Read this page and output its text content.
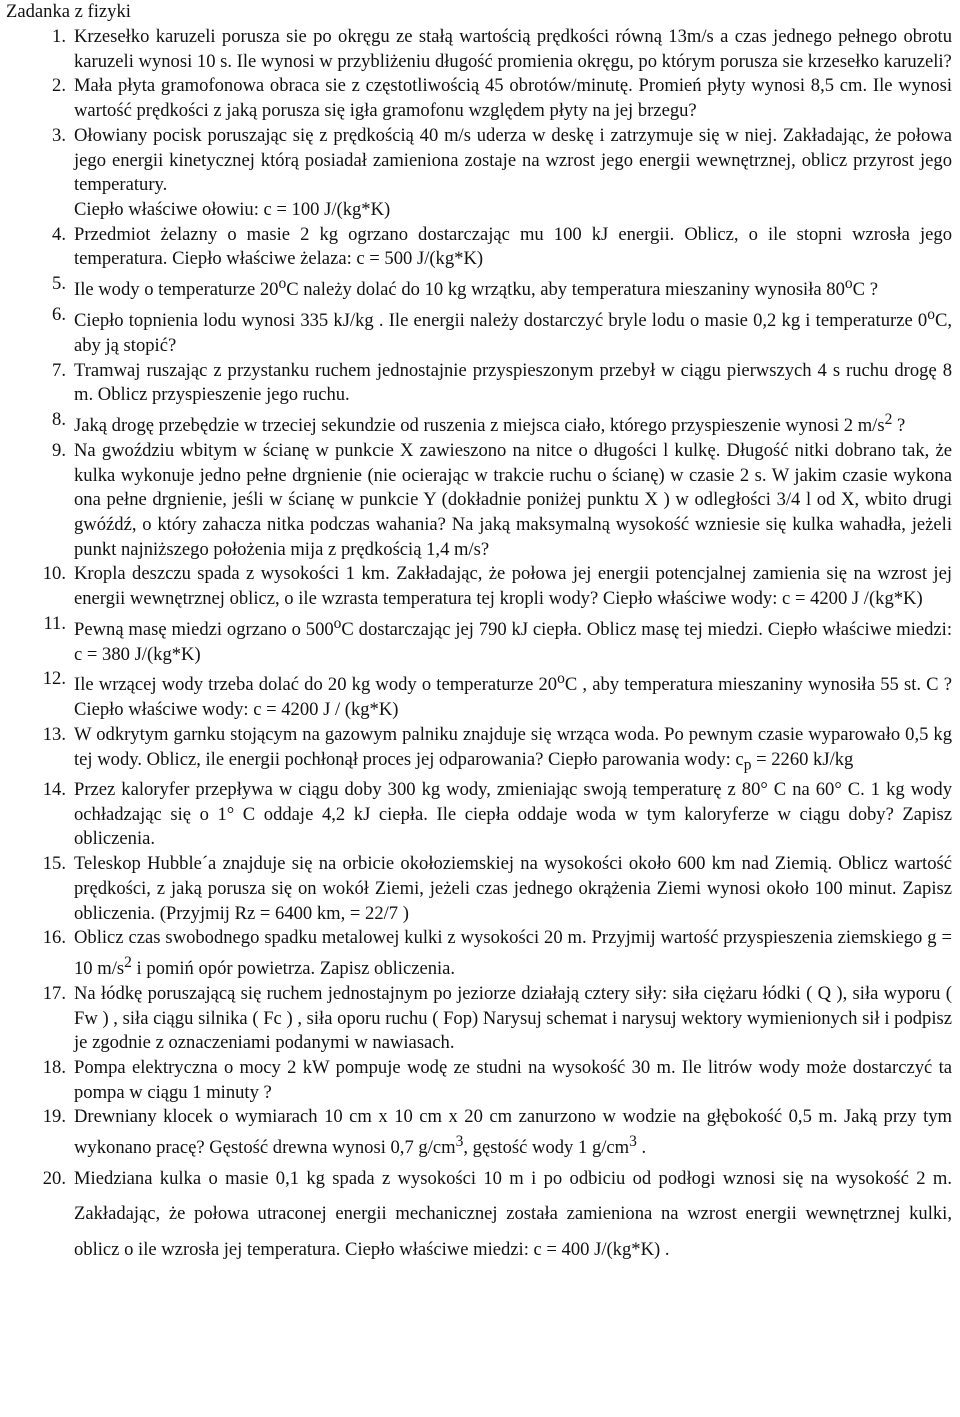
Zadanka z fizyki
1. Krzesełko karuzeli porusza sie po okręgu ze stałą wartością prędkości równą 13m/s a czas jednego pełnego obrotu karuzeli wynosi 10 s. Ile wynosi w przybliżeniu długość promienia okręgu, po którym porusza sie krzesełko karuzeli?
2. Mała płyta gramofonowa obraca sie z częstotliwością 45 obrotów/minutę. Promień płyty wynosi 8,5 cm. Ile wynosi wartość prędkości z jaką porusza się igła gramofonu względem płyty na jej brzegu?
3. Ołowiany pocisk poruszając się z prędkością 40 m/s uderza w deskę i zatrzymuje się w niej. Zakładając, że połowa jego energii kinetycznej którą posiadał zamieniona zostaje na wzrost jego energii wewnętrznej, oblicz przyrost jego temperatury.
Ciepło właściwe ołowiu: c = 100 J/(kg*K)
4. Przedmiot żelazny o masie 2 kg ogrzano dostarczając mu 100 kJ energii. Oblicz, o ile stopni wzrosła jego temperatura. Ciepło właściwe żelaza: c = 500 J/(kg*K)
5. Ile wody o temperaturze 20$^o$C należy dolać do 10 kg wrzątku, aby temperatura mieszaniny wynosiła 80$^o$C ?
6. Ciepło topnienia lodu wynosi 335 kJ/kg . Ile energii należy dostarczyć bryle lodu o masie 0,2 kg i temperaturze 0$^o$C, aby ją stopić?
7. Tramwaj ruszając z przystanku ruchem jednostajnie przyspieszonym przebył w ciągu pierwszych 4 s ruchu drogę 8 m. Oblicz przyspieszenie jego ruchu.
8. Jaką drogę przebędzie w trzeciej sekundzie od ruszenia z miejsca ciało, którego przyspieszenie wynosi 2 $m/s^2$ ?
9. Na gwoździu wbitym w ścianę w punkcie X zawieszono na nitce o długości l kulkę. Długość nitki dobrano tak, że kulka wykonuje jedno pełne drgnienie (nie ocierając w trakcie ruchu o ścianę) w czasie 2 s. W jakim czasie wykona ona pełne drgnienie, jeśli w ścianę w punkcie Y (dokładnie poniżej punktu X ) w odległości 3/4 l od X, wbito drugi gwóźdź, o który zahacza nitka podczas wahania? Na jaką maksymalną wysokość wzniesie się kulka wahadła, jeżeli punkt najniższego położenia mija z prędkością 1,4 m/s?
10. Kropla deszczu spada z wysokości 1 km. Zakładając, że połowa jej energii potencjalnej zamienia się na wzrost jej energii wewnętrznej oblicz, o ile wzrasta temperatura tej kropli wody? Ciepło właściwe wody: c = 4200 J /(kg*K)
11. Pewną masę miedzi ogrzano o 500$^o$C dostarczając jej 790 kJ ciepła. Oblicz masę tej miedzi. Ciepło właściwe miedzi: c = 380 J/(kg*K)
12. Ile wrzącej wody trzeba dolać do 20 kg wody o temperaturze 20$^o$C , aby temperatura mieszaniny wynosiła 55 st. C ? Ciepło właściwe wody: c = 4200 J / (kg*K)
13. W odkrytym garnku stojącym na gazowym palniku znajduje się wrząca woda. Po pewnym czasie wyparowało 0,5 kg tej wody. Oblicz, ile energii pochłonął proces jej odparowania? Ciepło parowania wody: $c_p = 2260$ kJ/kg
14. Przez kaloryfer przepływa w ciągu doby 300 kg wody, zmieniając swoją temperaturę z 80° C na 60° C. 1 kg wody ochładzając się o 1° C oddaje 4,2 kJ ciepła. Ile ciepła oddaje woda w tym kaloryferze w ciągu doby? Zapisz obliczenia.
15. Teleskop Hubble´a znajduje się na orbicie okołoziemskiej na wysokości około 600 km nad Ziemią. Oblicz wartość prędkości, z jaką porusza się on wokół Ziemi, jeżeli czas jednego okrążenia Ziemi wynosi około 100 minut. Zapisz obliczenia. (Przyjmij Rz = 6400 km, = 22/7 )
16. Oblicz czas swobodnego spadku metalowej kulki z wysokości 20 m. Przyjmij wartość przyspieszenia ziemskiego g = 10 $m/s^2$ i pomiń opór powietrza. Zapisz obliczenia.
17. Na łódkę poruszającą się ruchem jednostajnym po jeziorze działają cztery siły: siła ciężaru łódki ( Q ), siła wyporu ( Fw ) , siła ciągu silnika ( Fc ) , siła oporu ruchu ( Fop) Narysuj schemat i narysuj wektory wymienionych sił i podpisz je zgodnie z oznaczeniami podanymi w nawiasach.
18. Pompa elektryczna o mocy 2 kW pompuje wodę ze studni na wysokość 30 m. Ile litrów wody może dostarczyć ta pompa w ciągu 1 minuty ?
19. Drewniany klocek o wymiarach 10 cm x 10 cm x 20 cm zanurzono w wodzie na głębokość 0,5 m. Jaką przy tym wykonano pracę? Gęstość drewna wynosi 0,7 $g/cm^3$, gęstość wody 1 $g/cm^3$ .
20. Miedziana kulka o masie 0,1 kg spada z wysokości 10 m i po odbiciu od podłogi wznosi się na wysokość 2 m. Zakładając, że połowa utraconej energii mechanicznej została zamieniona na wzrost energii wewnętrznej kulki, oblicz o ile wzrosła jej temperatura. Ciepło właściwe miedzi: c = 400 J/(kg*K) .
